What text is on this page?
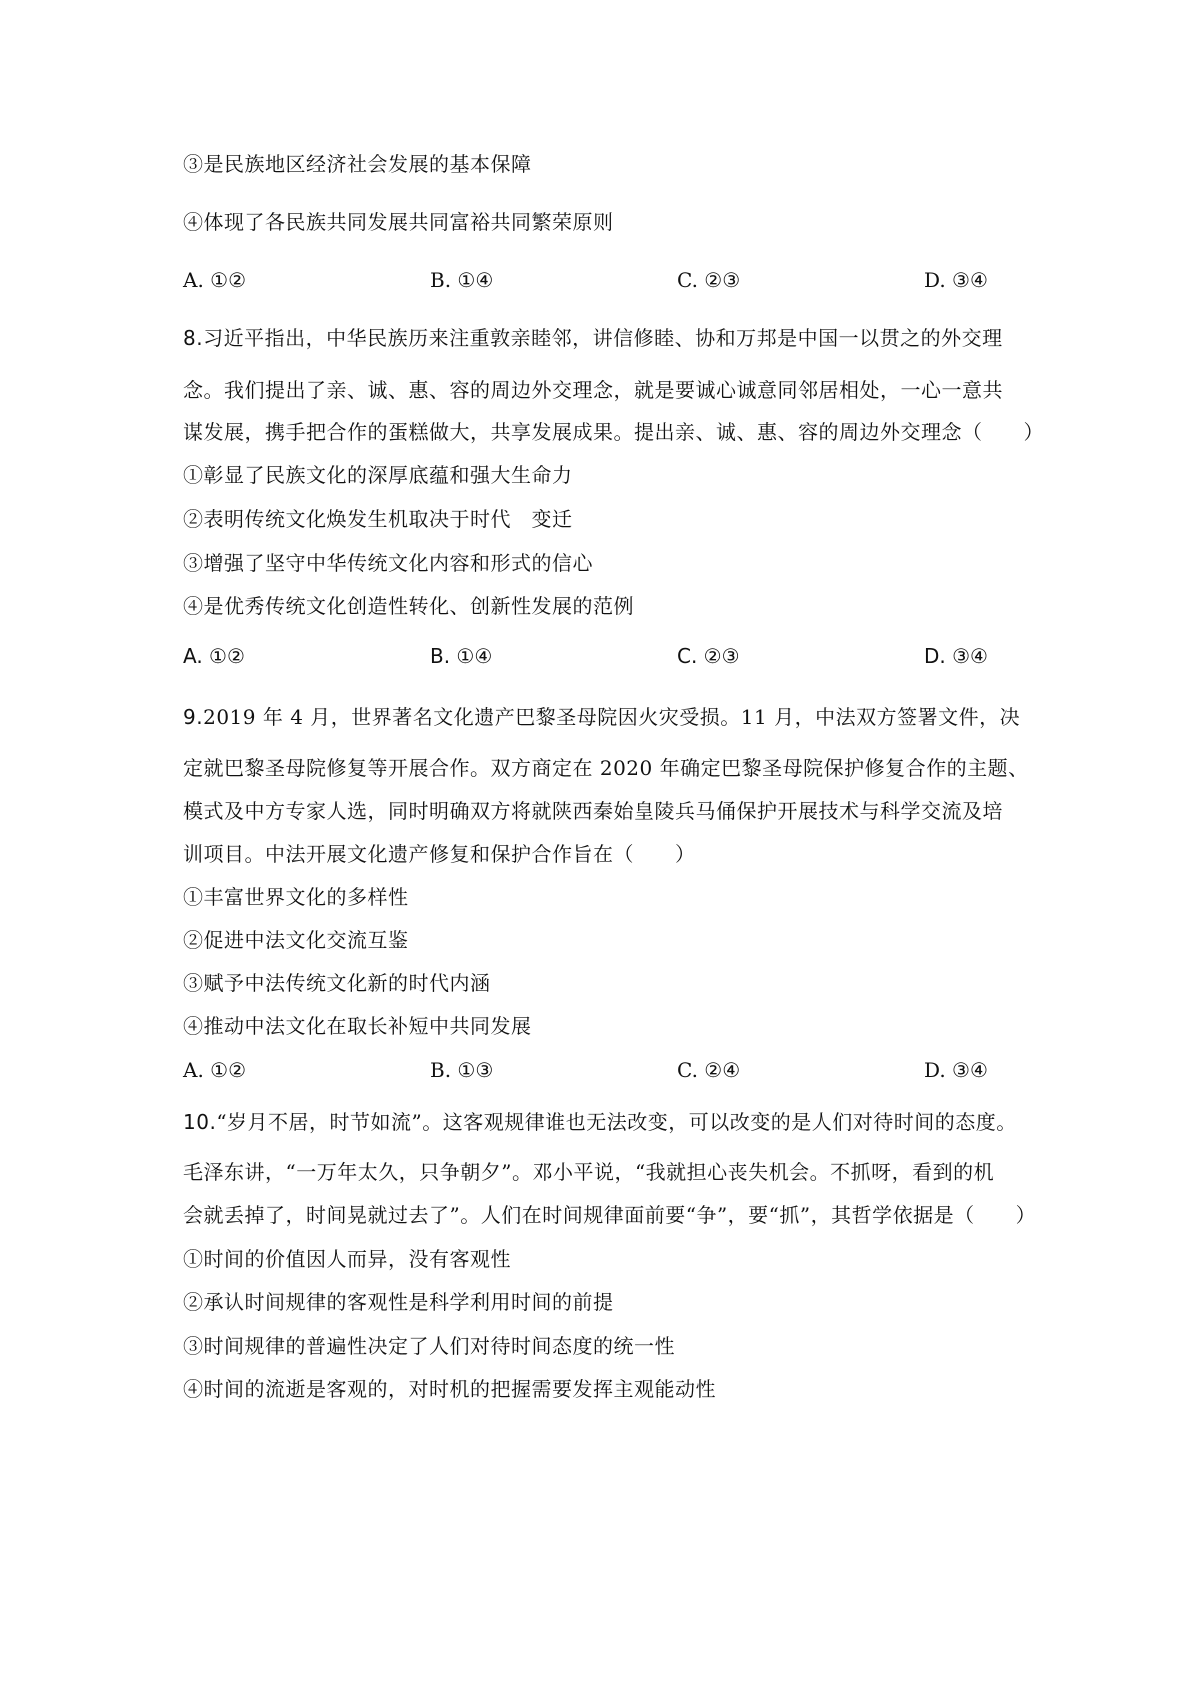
③是民族地区经济社会发展的基本保障
④体现了各民族共同发展共同富裕共同繁荣原则
A. ①②	B. ①④	C. ②③	D. ③④
8.习近平指出，中华民族历来注重敦亲睦邻，讲信修睦、协和万邦是中国一以贯之的外交理
念。我们提出了亲、诚、惠、容的周边外交理念，就是要诚心诚意同邻居相处，一心一意共
谋发展，携手把合作的蛋糕做大，共享发展成果。提出亲、诚、惠、容的周边外交理念（　　）
①彰显了民族文化的深厚底蕴和强大生命力
②表明传统文化焕发生机取决于时代　变迁
③增强了坚守中华传统文化内容和形式的信心
④是优秀传统文化创造性转化、创新性发展的范例
A. ①②	B. ①④	C. ②③	D. ③④
9.2019 年 4 月，世界著名文化遗产巴黎圣母院因火灾受损。11 月，中法双方签署文件，决
定就巴黎圣母院修复等开展合作。双方商定在 2020 年确定巴黎圣母院保护修复合作的主题、
模式及中方专家人选，同时明确双方将就陕西秦始皇陵兵马俑保护开展技术与科学交流及培
训项目。中法开展文化遗产修复和保护合作旨在（　　）
①丰富世界文化的多样性
②促进中法文化交流互鉴
③赋予中法传统文化新的时代内涵
④推动中法文化在取长补短中共同发展
A. ①②	B. ①③	C. ②④	D. ③④
10.“岁月不居，时节如流”。这客观规律谁也无法改变，可以改变的是人们对待时间的态度。
毛泽东讲，“一万年太久，只争朝夕”。邓小平说，“我就担心丧失机会。不抓呀，看到的机
会就丢掉了，时间晃就过去了”。人们在时间规律面前要“争”，要“抓”，其哲学依据是（　　）
①时间的价值因人而异，没有客观性
②承认时间规律的客观性是科学利用时间的前提
③时间规律的普遍性决定了人们对待时间态度的统一性
④时间的流逝是客观的，对时机的把握需要发挥主观能动性
